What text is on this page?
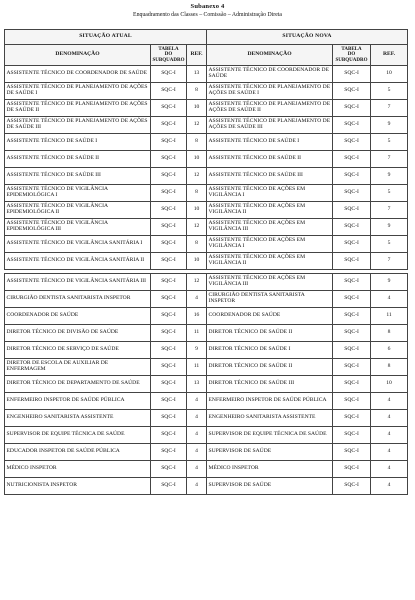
Subanexo 4
Enquadramento das Classes – Comissão – Administração Direta
SITUAÇÃO ATUAL			SITUAÇÃO NOVA		
DENOMINAÇÃO	TABELA
DO
SUBQUADRO	REF.	DENOMINAÇÃO	TABELA
DO
SUBQUADRO	REF.
ASSISTENTE TÉCNICO DE COORDENADOR DE SAÚDE	SQC-I	13	ASSISTENTE TÉCNICO DE COORDENADOR DE SAÚDE	SQC-I	10
ASSISTENTE TÉCNICO DE PLANEJAMENTO DE AÇÕES DE SAÚDE I	SQC-I	8	ASSISTENTE TÉCNICO DE PLANEJAMENTO DE AÇÕES DE SAÚDE I	SQC-I	5
ASSISTENTE TÉCNICO DE PLANEJAMENTO DE AÇÕES DE SAÚDE II	SQC-I	10	ASSISTENTE TÉCNICO DE PLANEJAMENTO DE AÇÕES DE SAÚDE II	SQC-I	7
ASSISTENTE TÉCNICO DE PLANEJAMENTO DE AÇÕES DE SAÚDE III	SQC-I	12	ASSISTENTE TÉCNICO DE PLANEJAMENTO DE AÇÕES DE SAÚDE III	SQC-I	9
ASSISTENTE TÉCNICO DE SAÚDE I	SQC-I	8	ASSISTENTE TÉCNICO DE SAÚDE I	SQC-I	5
ASSISTENTE TÉCNICO DE SAÚDE II	SQC-I	10	ASSISTENTE TÉCNICO DE SAÚDE II	SQC-I	7
ASSISTENTE TÉCNICO DE SAÚDE III	SQC-I	12	ASSISTENTE TÉCNICO DE SAÚDE III	SQC-I	9
ASSISTENTE TÉCNICO DE VIGILÂNCIA EPIDEMIOLÓGICA I	SQC-I	8	ASSISTENTE TÉCNICO DE AÇÕES EM VIGILÂNCIA I	SQC-I	5
ASSISTENTE TÉCNICO DE VIGILÂNCIA EPIDEMIOLÓGICA II	SQC-I	10	ASSISTENTE TÉCNICO DE AÇÕES EM VIGILÂNCIA II	SQC-I	7
ASSISTENTE TÉCNICO DE VIGILÂNCIA EPIDEMIOLÓGICA III	SQC-I	12	ASSISTENTE TÉCNICO DE AÇÕES EM VIGILÂNCIA III	SQC-I	9
ASSISTENTE TÉCNICO DE VIGILÂNCIA SANITÁRIA I	SQC-I	8	ASSISTENTE TÉCNICO DE AÇÕES EM VIGILÂNCIA I	SQC-I	5
ASSISTENTE TÉCNICO DE VIGILÂNCIA SANITÁRIA II	SQC-I	10	ASSISTENTE TÉCNICO DE AÇÕES EM VIGILÂNCIA II	SQC-I	7

ASSISTENTE TÉCNICO DE VIGILÂNCIA SANITÁRIA III	SQC-I	12	ASSISTENTE TÉCNICO DE AÇÕES EM VIGILÂNCIA III	SQC-I	9
CIRURGIÃO DENTISTA SANITARISTA INSPETOR	SQC-I	4	CIRURGIÃO DENTISTA SANITARISTA INSPETOR	SQC-I	4
COORDENADOR DE SAÚDE	SQC-I	16	COORDENADOR DE SAÚDE	SQC-I	11
DIRETOR TÉCNICO DE DIVISÃO DE SAÚDE	SQC-I	11	DIRETOR TÉCNICO DE SAÚDE II	SQC-I	8
DIRETOR TÉCNICO DE SERVIÇO DE SAÚDE	SQC-I	9	DIRETOR TÉCNICO DE SAÚDE I	SQC-I	6
DIRETOR DE ESCOLA DE AUXILIAR DE ENFERMAGEM	SQC-I	11	DIRETOR TÉCNICO DE SAÚDE II	SQC-I	8
DIRETOR TÉCNICO DE DEPARTAMENTO DE SAÚDE	SQC-I	13	DIRETOR TÉCNICO DE SAÚDE III	SQC-I	10
ENFERMEIRO INSPETOR DE SAÚDE PÚBLICA	SQC-I	4	ENFERMEIRO INSPETOR DE SAÚDE PÚBLICA	SQC-I	4
ENGENHEIRO SANITARISTA ASSISTENTE	SQC-I	4	ENGENHEIRO SANITARISTA ASSISTENTE	SQC-I	4
SUPERVISOR DE EQUIPE TÉCNICA DE SAÚDE	SQC-I	4	SUPERVISOR DE EQUIPE TÉCNICA DE SAÚDE	SQC-I	4
EDUCADOR INSPETOR DE SAÚDE PÚBLICA	SQC-I	4	SUPERVISOR DE SAÚDE	SQC-I	4
MÉDICO INSPETOR	SQC-I	4	MÉDICO INSPETOR	SQC-I	4
NUTRICIONISTA INSPETOR	SQC-I	4	SUPERVISOR DE SAÚDE	SQC-I	4
